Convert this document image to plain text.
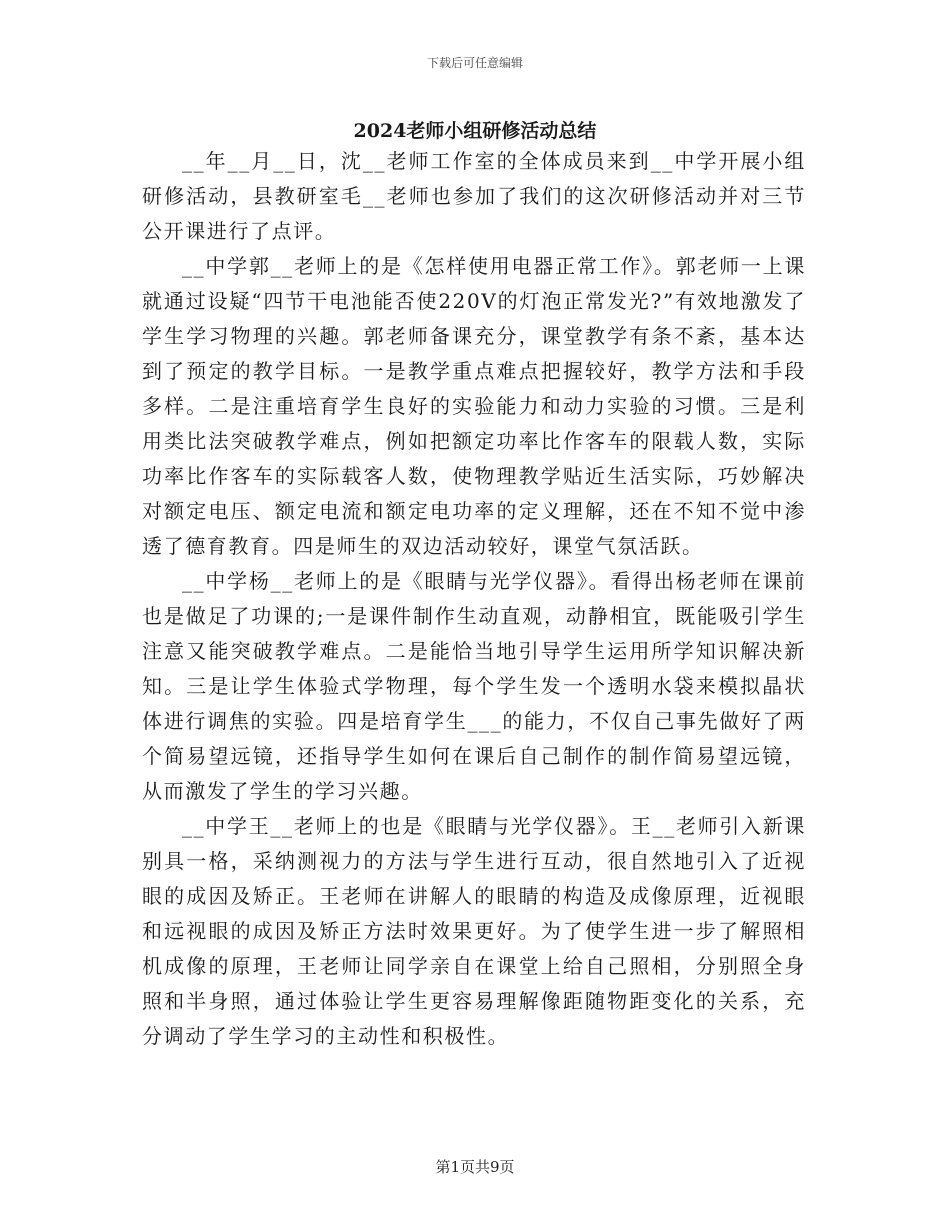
下载后可任意编辑
2024老师小组研修活动总结

__年__月__日，沈__老师工作室的全体成员来到__中学开展小组研修活动，县教研室毛__老师也参加了我们的这次研修活动并对三节公开课进行了点评。

__中学郭__老师上的是《怎样使用电器正常工作》。郭老师一上课就通过设疑“四节干电池能否使220V的灯泡正常发光?”有效地激发了学生学习物理的兴趣。郭老师备课充分，课堂教学有条不紊，基本达到了预定的教学目标。一是教学重点难点把握较好，教学方法和手段多样。二是注重培育学生良好的实验能力和动力实验的习惯。三是利用类比法突破教学难点，例如把额定功率比作客车的限载人数，实际功率比作客车的实际载客人数，使物理教学贴近生活实际，巧妙解决对额定电压、额定电流和额定电功率的定义理解，还在不知不觉中渗透了德育教育。四是师生的双边活动较好，课堂气氛活跃。

__中学杨__老师上的是《眼睛与光学仪器》。看得出杨老师在课前也是做足了功课的;一是课件制作生动直观，动静相宜，既能吸引学生注意又能突破教学难点。二是能恰当地引导学生运用所学知识解决新知。三是让学生体验式学物理，每个学生发一个透明水袋来模拟晶状体进行调焦的实验。四是培育学生___的能力，不仅自己事先做好了两个简易望远镜，还指导学生如何在课后自己制作的制作简易望远镜，从而激发了学生的学习兴趣。

__中学王__老师上的也是《眼睛与光学仪器》。王__老师引入新课别具一格，采纳测视力的方法与学生进行互动，很自然地引入了近视眼的成因及矫正。王老师在讲解人的眼睛的构造及成像原理，近视眼和远视眼的成因及矫正方法时效果更好。为了使学生进一步了解照相机成像的原理，王老师让同学亲自在课堂上给自己照相，分别照全身照和半身照，通过体验让学生更容易理解像距随物距变化的关系，充分调动了学生学习的主动性和积极性。

第1页共9页
